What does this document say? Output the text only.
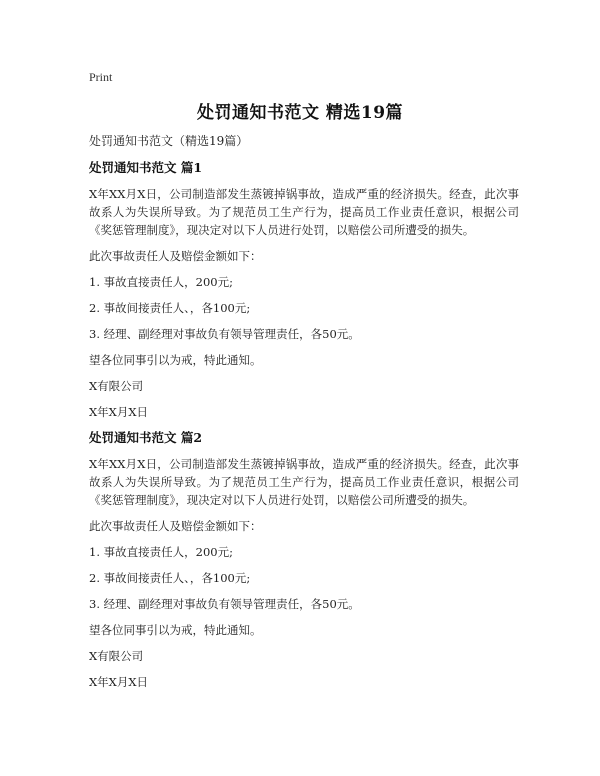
Print
处罚通知书范文 精选19篇
处罚通知书范文（精选19篇）
处罚通知书范文 篇1
X年XX月X日，公司制造部发生蒸镀掉锅事故，造成严重的经济损失。经查，此次事故系人为失误所导致。为了规范员工生产行为，提高员工作业责任意识，根据公司《奖惩管理制度》，现决定对以下人员进行处罚，以赔偿公司所遭受的损失。
此次事故责任人及赔偿金额如下：
1. 事故直接责任人，200元;
2. 事故间接责任人、，各100元;
3. 经理、副经理对事故负有领导管理责任，各50元。
望各位同事引以为戒，特此通知。
X有限公司
X年X月X日
处罚通知书范文 篇2
X年XX月X日，公司制造部发生蒸镀掉锅事故，造成严重的经济损失。经查，此次事故系人为失误所导致。为了规范员工生产行为，提高员工作业责任意识，根据公司《奖惩管理制度》，现决定对以下人员进行处罚，以赔偿公司所遭受的损失。
此次事故责任人及赔偿金额如下：
1. 事故直接责任人，200元;
2. 事故间接责任人、，各100元;
3. 经理、副经理对事故负有领导管理责任，各50元。
望各位同事引以为戒，特此通知。
X有限公司
X年X月X日
